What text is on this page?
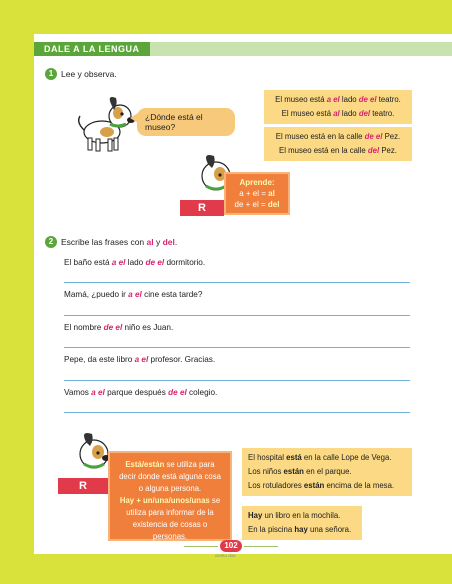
DALE A LA LENGUA
1 Lee y observa.
¿Dónde está el museo?
El museo está a el lado de el teatro.
El museo está al lado del teatro.
El museo está en la calle de el Pez.
El museo está en la calle del Pez.
R
Aprende:
a + el = al
de + el = del
2 Escribe las frases con al y del.
El baño está a el lado de el dormitorio.
Mamá, ¿puedo ir a el cine esta tarde?
El nombre de el niño es Juan.
Pepe, da este libro a el profesor. Gracias.
Vamos a el parque después de el colegio.
R
Está/están se utiliza para decir donde está alguna cosa o alguna persona.
Hay + un/una/unos/unas se utiliza para informar de la existencia de cosas o personas.
El hospital está en la calle Lope de Vega.
Los niños están en el parque.
Los rotuladores están encima de la mesa.
Hay un libro en la mochila.
En la piscina hay una señora.
102
ciento dos
